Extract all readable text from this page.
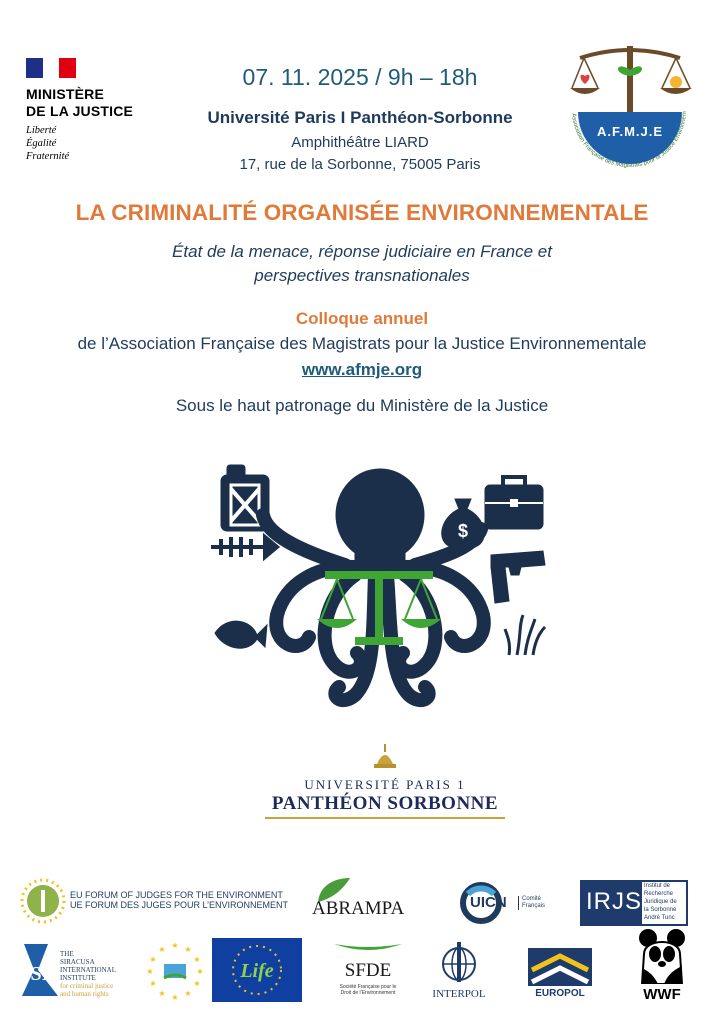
MINISTÈRE
DE LA JUSTICE
Liberté
Égalité
Fraternité
07. 11. 2025 / 9h – 18h
Université Paris I Panthéon-Sorbonne
Amphithéâtre LIARD
17, rue de la Sorbonne, 75005 Paris
A.F.M.J.E
Association Française des Magistrats pour la Justice Environnem
LA CRIMINALITÉ ORGANISÉE ENVIRONNEMENTALE
État de la menace, réponse judiciaire en France et
perspectives transnationales
Colloque annuel
de l’Association Française des Magistrats pour la Justice Environnementale
www.afmje.org
Sous le haut patronage du Ministère de la Justice
$
UNIVERSITÉ PARIS 1
PANTHÉON SORBONNE
EU FORUM OF JUDGES FOR THE ENVIRONMENT
UE FORUM DES JUGES POUR L’ENVIRONNEMENT ABRAMPA	UICN	Comité
Français IRJS
Institut de
Recherche
Juridique de
la Sorbonne
André Tunc
SI
THE
SIRACUSA
INTERNATIONAL
INSTITUTE
for criminal justice
and human rights
★ ★
★
★
★
★
★
★
★
★
★
★
Life	SFDE
Société Française pour le
Droit de l’Environnement	INTERPOL	EUROPOL	WWF
